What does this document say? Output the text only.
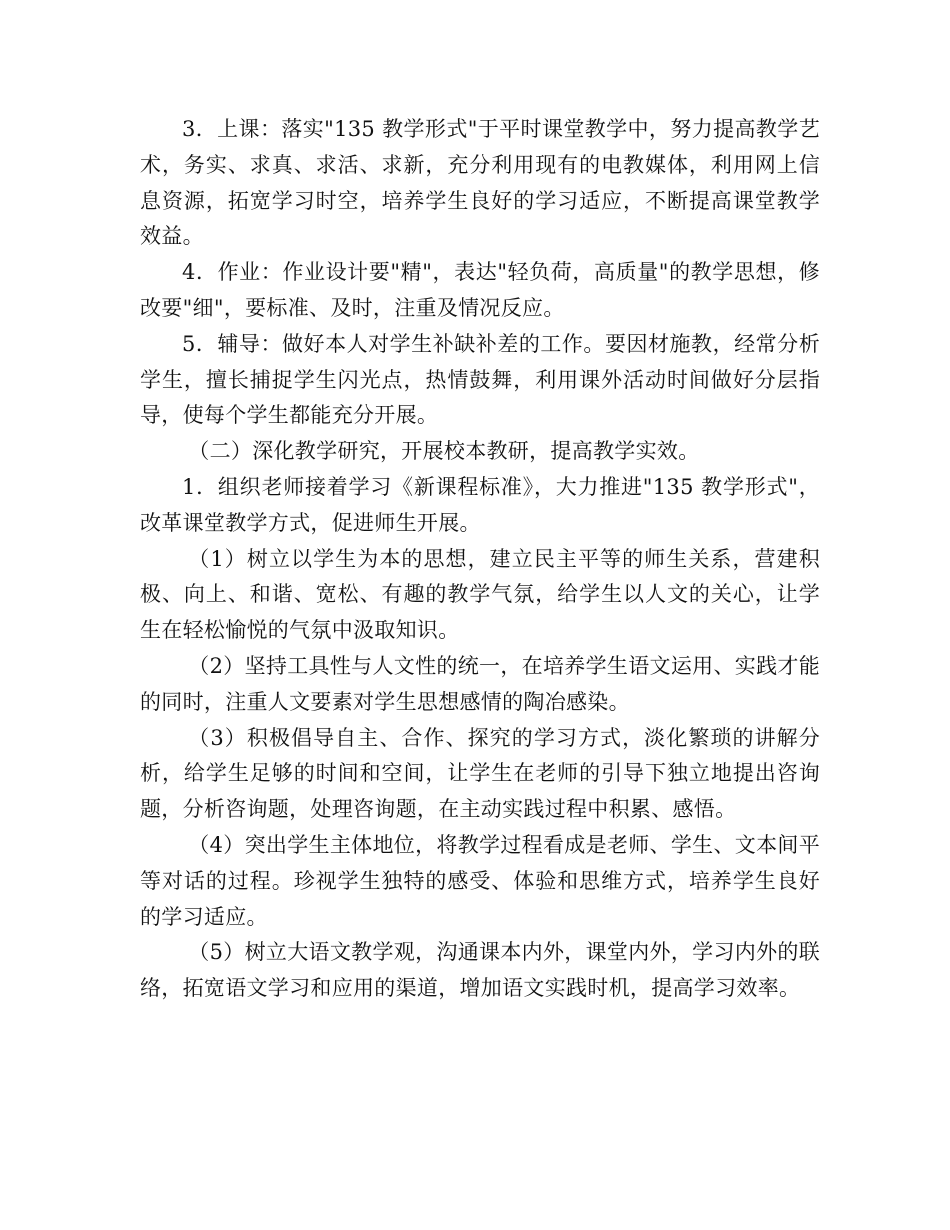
3．上课：落实"135 教学形式"于平时课堂教学中，努力提高教学艺术，务实、求真、求活、求新，充分利用现有的电教媒体，利用网上信息资源，拓宽学习时空，培养学生良好的学习适应，不断提高课堂教学效益。

4．作业：作业设计要"精"，表达"轻负荷，高质量"的教学思想，修改要"细"，要标准、及时，注重及情况反应。

5．辅导：做好本人对学生补缺补差的工作。要因材施教，经常分析学生，擅长捕捉学生闪光点，热情鼓舞，利用课外活动时间做好分层指导，使每个学生都能充分开展。

（二）深化教学研究，开展校本教研，提高教学实效。

1．组织老师接着学习《新课程标准》，大力推进"135 教学形式"，改革课堂教学方式，促进师生开展。

（1）树立以学生为本的思想，建立民主平等的师生关系，营建积极、向上、和谐、宽松、有趣的教学气氛，给学生以人文的关心，让学生在轻松愉悦的气氛中汲取知识。

（2）坚持工具性与人文性的统一，在培养学生语文运用、实践才能的同时，注重人文要素对学生思想感情的陶冶感染。

（3）积极倡导自主、合作、探究的学习方式，淡化繁琐的讲解分析，给学生足够的时间和空间，让学生在老师的引导下独立地提出咨询题，分析咨询题，处理咨询题，在主动实践过程中积累、感悟。

（4）突出学生主体地位，将教学过程看成是老师、学生、文本间平等对话的过程。珍视学生独特的感受、体验和思维方式，培养学生良好的学习适应。

（5）树立大语文教学观，沟通课本内外，课堂内外，学习内外的联络，拓宽语文学习和应用的渠道，增加语文实践时机，提高学习效率。
